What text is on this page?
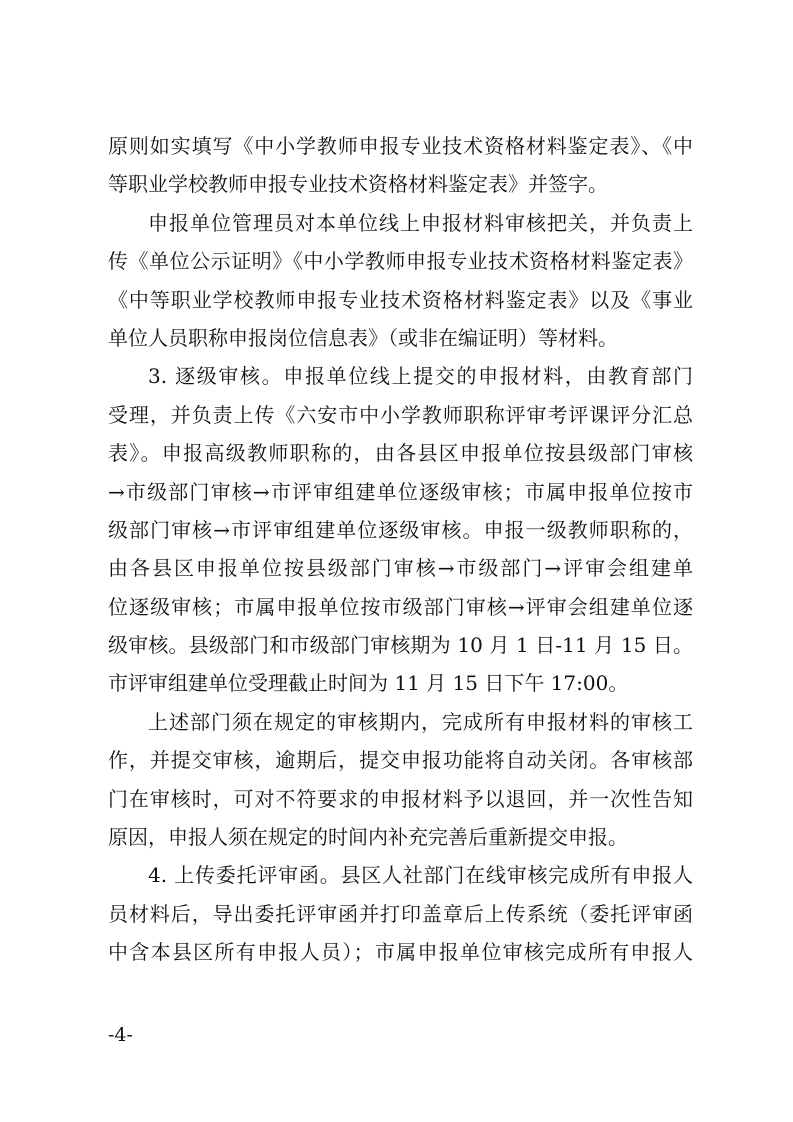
原则如实填写《中小学教师申报专业技术资格材料鉴定表》、《中
等职业学校教师申报专业技术资格材料鉴定表》并签字。
申报单位管理员对本单位线上申报材料审核把关，并负责上
传《单位公示证明》《中小学教师申报专业技术资格材料鉴定表》
《中等职业学校教师申报专业技术资格材料鉴定表》以及《事业
单位人员职称申报岗位信息表》（或非在编证明）等材料。
3. 逐级审核。申报单位线上提交的申报材料，由教育部门
受理，并负责上传《六安市中小学教师职称评审考评课评分汇总
表》。申报高级教师职称的，由各县区申报单位按县级部门审核
→市级部门审核→市评审组建单位逐级审核；市属申报单位按市
级部门审核→市评审组建单位逐级审核。申报一级教师职称的，
由各县区申报单位按县级部门审核→市级部门→评审会组建单
位逐级审核；市属申报单位按市级部门审核→评审会组建单位逐
级审核。县级部门和市级部门审核期为 10 月 1 日-11 月 15 日。
市评审组建单位受理截止时间为 11 月 15 日下午 17:00。
上述部门须在规定的审核期内，完成所有申报材料的审核工
作，并提交审核，逾期后，提交申报功能将自动关闭。各审核部
门在审核时，可对不符要求的申报材料予以退回，并一次性告知
原因，申报人须在规定的时间内补充完善后重新提交申报。
4. 上传委托评审函。县区人社部门在线审核完成所有申报人
员材料后，导出委托评审函并打印盖章后上传系统（委托评审函
中含本县区所有申报人员）；市属申报单位审核完成所有申报人
-4-
